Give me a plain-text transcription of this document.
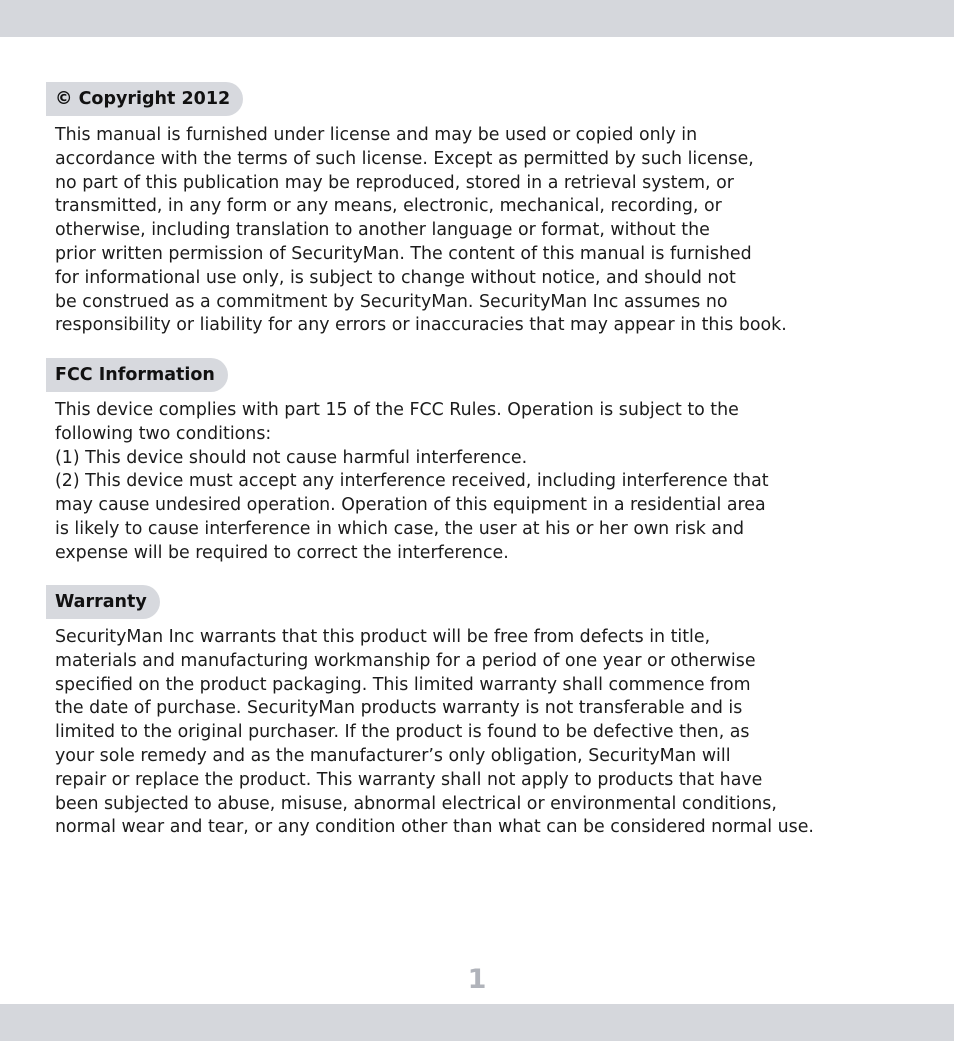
© Copyright 2012
This manual is furnished under license and may be used or copied only in
accordance with the terms of such license. Except as permitted by such license,
no part of this publication may be reproduced, stored in a retrieval system, or
transmitted, in any form or any means, electronic, mechanical, recording, or
otherwise, including translation to another language or format, without the
prior written permission of SecurityMan. The content of this manual is furnished
for informational use only, is subject to change without notice, and should not
be construed as a commitment by SecurityMan. SecurityMan Inc assumes no
responsibility or liability for any errors or inaccuracies that may appear in this book.
FCC Information
This device complies with part 15 of the FCC Rules. Operation is subject to the
following two conditions:
(1) This device should not cause harmful interference.
(2) This device must accept any interference received, including interference that
may cause undesired operation. Operation of this equipment in a residential area
is likely to cause interference in which case, the user at his or her own risk and
expense will be required to correct the interference.
Warranty
SecurityMan Inc warrants that this product will be free from defects in title,
materials and manufacturing workmanship for a period of one year or otherwise
specified on the product packaging. This limited warranty shall commence from
the date of purchase. SecurityMan products warranty is not transferable and is
limited to the original purchaser. If the product is found to be defective then, as
your sole remedy and as the manufacturer’s only obligation, SecurityMan will
repair or replace the product. This warranty shall not apply to products that have
been subjected to abuse, misuse, abnormal electrical or environmental conditions,
normal wear and tear, or any condition other than what can be considered normal use.
1
